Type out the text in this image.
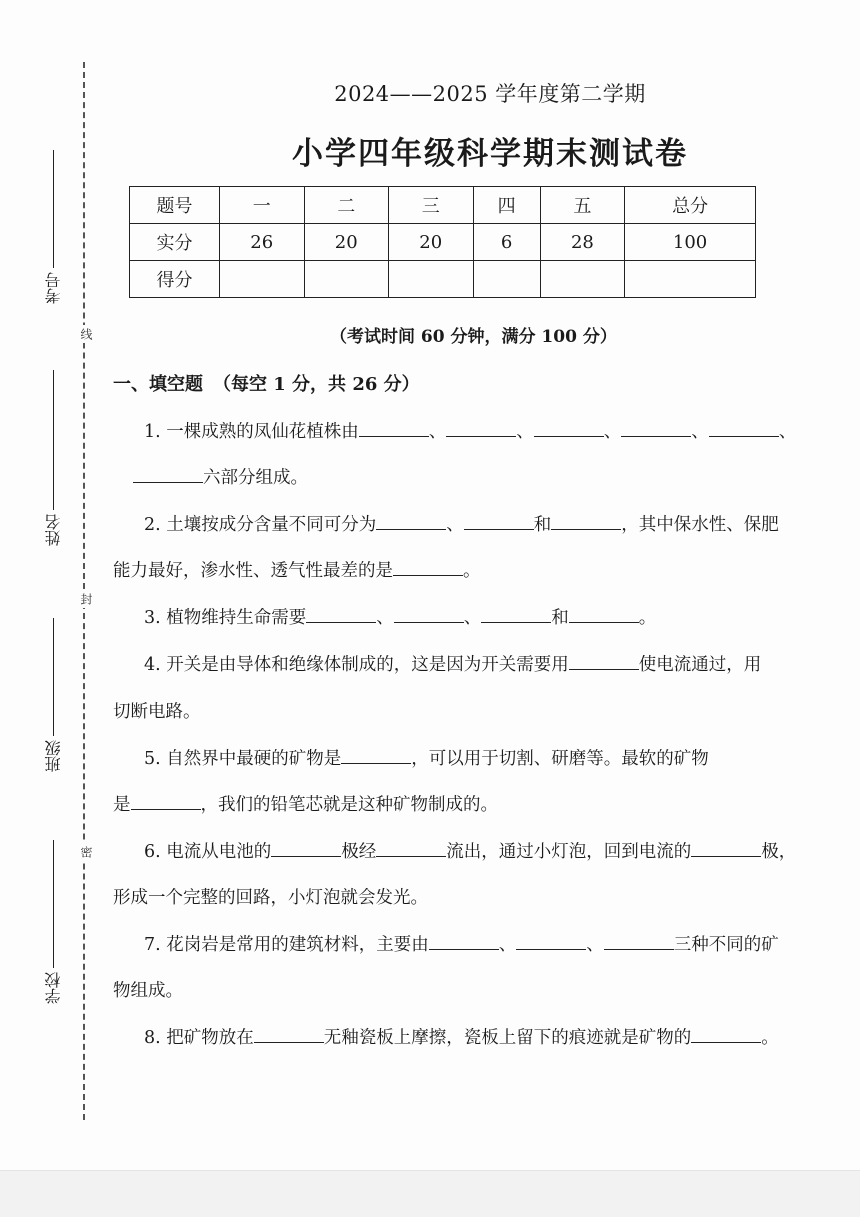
线
封
密
考号
姓名
班级
学校
2024——2025 学年度第二学期
小学四年级科学期末测试卷
题号	一	二	三	四	五	总分
实分	26	20	20	6	28	100
得分						
（考试时间 60 分钟，满分 100 分）
一、填空题 （每空 1 分，共 26 分）
1. 一棵成熟的凤仙花植株由	、	、	、	、	、
六部分组成。
2. 土壤按成分含量不同可分为	、	和	，其中保水性、保肥
能力最好，渗水性、透气性最差的是	。
3. 植物维持生命需要	、	、	和	。
4. 开关是由导体和绝缘体制成的，这是因为开关需要用	使电流通过，用
切断电路。
5. 自然界中最硬的矿物是	，可以用于切割、研磨等。最软的矿物
是	，我们的铅笔芯就是这种矿物制成的。
6. 电流从电池的	极经	流出，通过小灯泡，回到电流的	极，
形成一个完整的回路，小灯泡就会发光。
7. 花岗岩是常用的建筑材料，主要由	、	、	三种不同的矿
物组成。
8. 把矿物放在	无釉瓷板上摩擦，瓷板上留下的痕迹就是矿物的	。
